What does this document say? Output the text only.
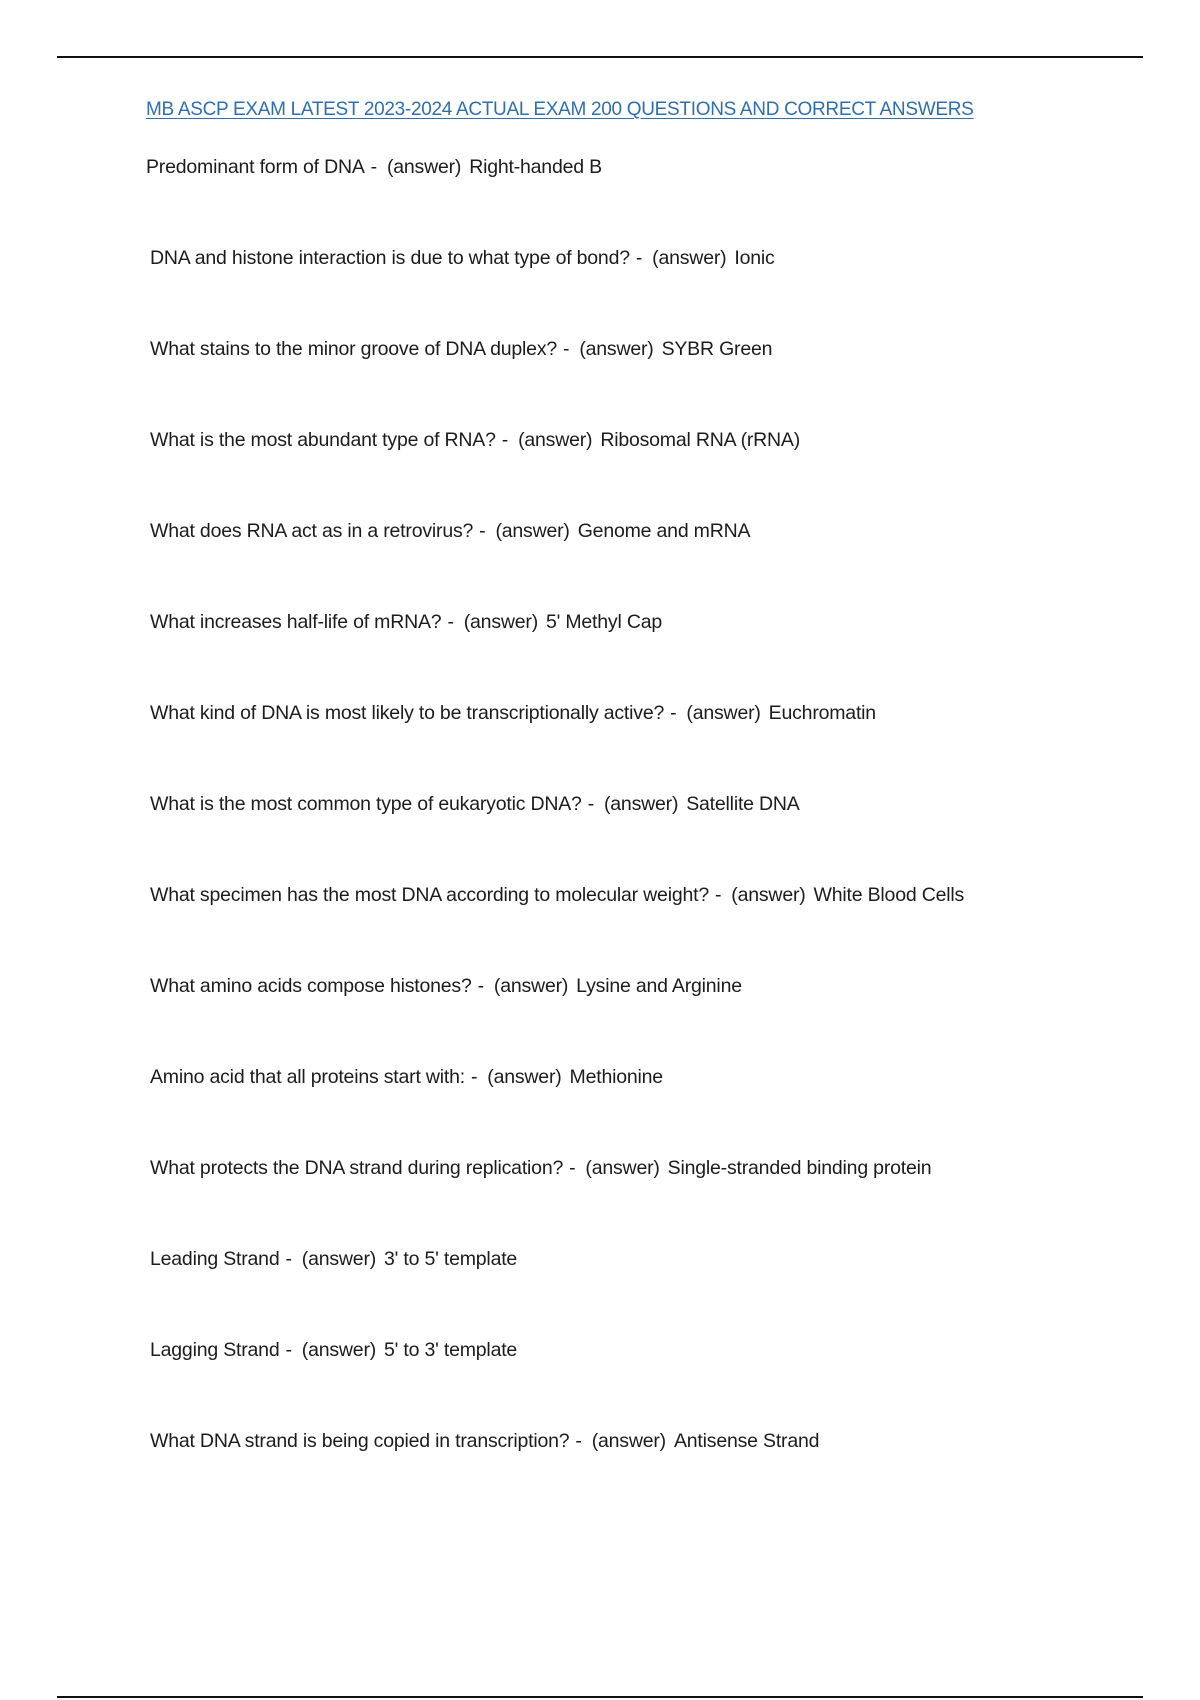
MB ASCP EXAM LATEST 2023-2024 ACTUAL EXAM 200 QUESTIONS AND CORRECT ANSWERS
Predominant form of DNA - (answer) Right-handed B
DNA and histone interaction is due to what type of bond? - (answer) Ionic
What stains to the minor groove of DNA duplex? - (answer) SYBR Green
What is the most abundant type of RNA? - (answer) Ribosomal RNA (rRNA)
What does RNA act as in a retrovirus? - (answer) Genome and mRNA
What increases half-life of mRNA? - (answer) 5' Methyl Cap
What kind of DNA is most likely to be transcriptionally active? - (answer) Euchromatin
What is the most common type of eukaryotic DNA? - (answer) Satellite DNA
What specimen has the most DNA according to molecular weight? - (answer) White Blood Cells
What amino acids compose histones? - (answer) Lysine and Arginine
Amino acid that all proteins start with: - (answer) Methionine
What protects the DNA strand during replication? - (answer) Single-stranded binding protein
Leading Strand - (answer) 3' to 5' template
Lagging Strand - (answer) 5' to 3' template
What DNA strand is being copied in transcription? - (answer) Antisense Strand
